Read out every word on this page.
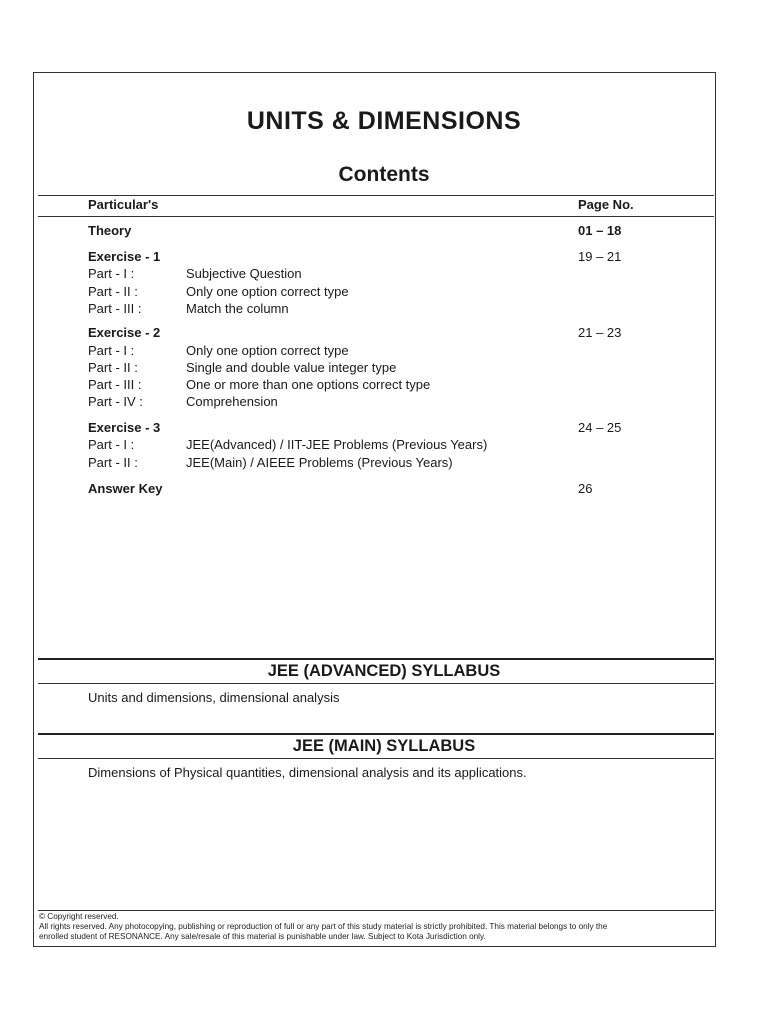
UNITS & DIMENSIONS
Contents
Particular's	Page No.
Theory	01 – 18
Exercise - 1	19 – 21
Part - I :	Subjective Question
Part - II :	Only one option correct type
Part - III :	Match the column
Exercise - 2	21 – 23
Part - I :	Only one option correct type
Part - II :	Single and double value integer type
Part - III :	One or more than one options correct type
Part - IV :	Comprehension
Exercise - 3	24 – 25
Part - I :	JEE(Advanced) / IIT-JEE Problems (Previous Years)
Part - II :	JEE(Main) / AIEEE Problems (Previous Years)
Answer Key	26
JEE (ADVANCED) SYLLABUS
Units and dimensions, dimensional analysis
JEE (MAIN) SYLLABUS
Dimensions of Physical quantities, dimensional analysis and its applications.
© Copyright reserved.
All rights reserved. Any photocopying, publishing or reproduction of full or any part of this study material is strictly prohibited. This material belongs to only the
enrolled student of RESONANCE. Any sale/resale of this material is punishable under law. Subject to Kota Jurisdiction only.
